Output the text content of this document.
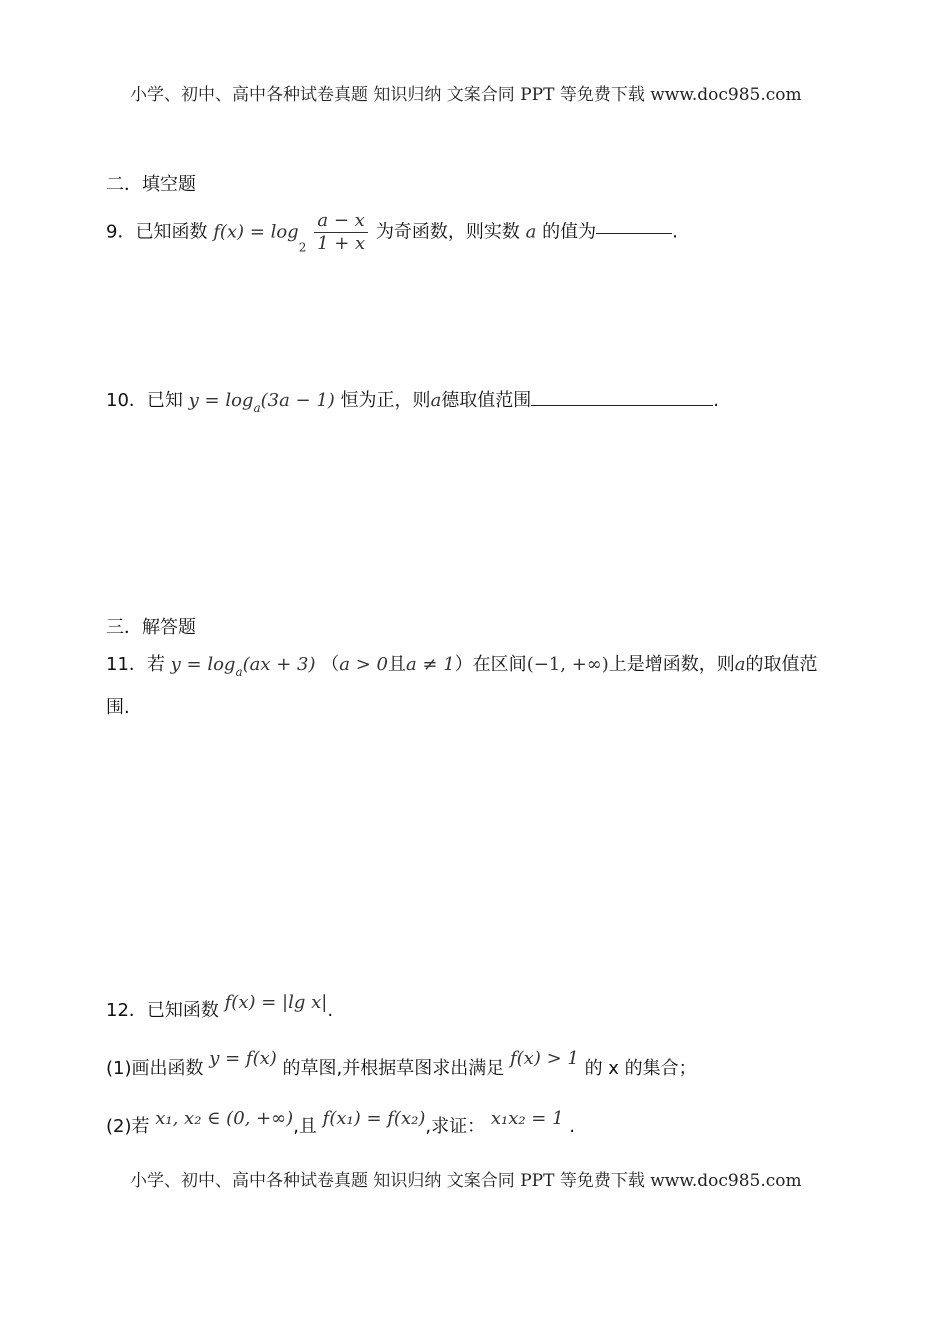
小学、初中、高中各种试卷真题 知识归纳 文案合同 PPT 等免费下载 www.doc985.com
二．填空题
9．已知函数 $f(x) = \log_2 \frac{a - x}{1 + x}$ 为奇函数，则实数 a 的值为	.
10．已知 $y = \log_a(3a - 1)$ 恒为正，则a德取值范围	.
三．解答题
11．若 $y = \log_a(ax + 3) (a > 0$且a ≠ 1）在区间(−1, +∞)上是增函数，则a的取值范
围.
12．已知函数 f(x) = |lg x|.
(1)画出函数 y = f(x) 的草图,并根据草图求出满足 f(x) > 1 的 x 的集合；
(2)若 x₁, x₂ ∈ (0, +∞),且 f(x₁) = f(x₂),求证： x₁x₂ = 1 .
小学、初中、高中各种试卷真题 知识归纳 文案合同 PPT 等免费下载 www.doc985.com
